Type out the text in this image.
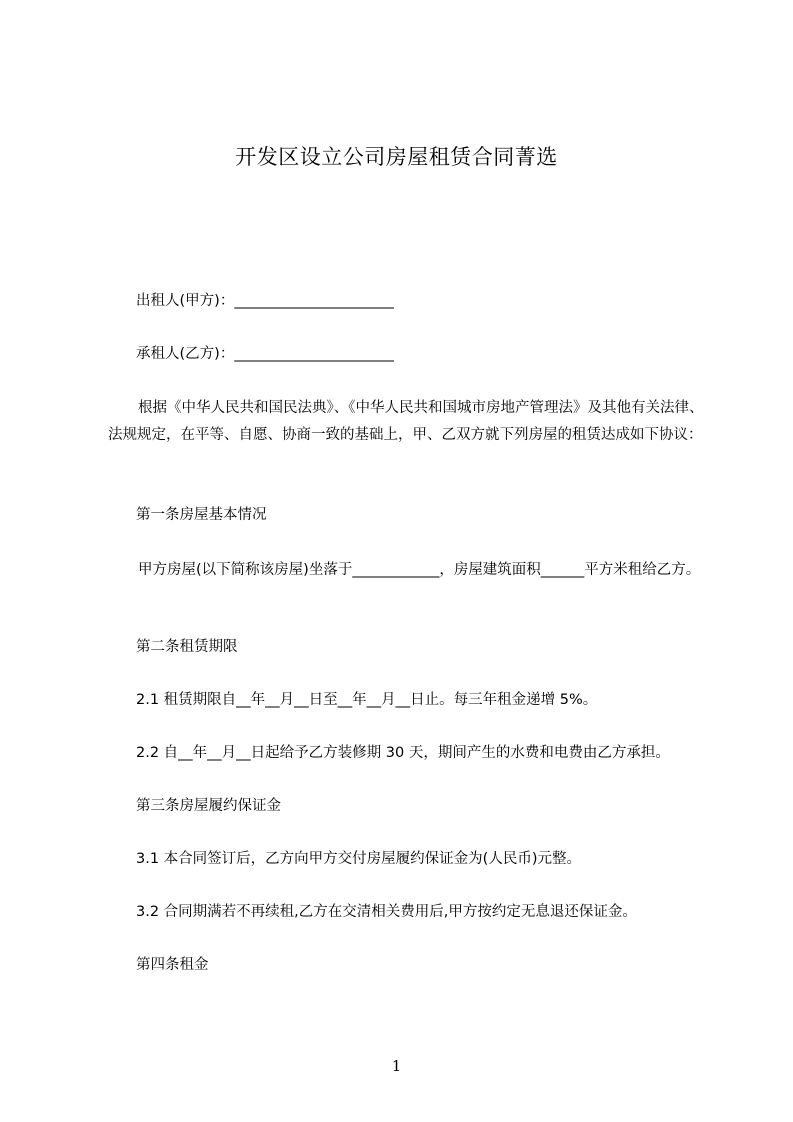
开发区设立公司房屋租赁合同菁选
出租人(甲方)：______________________
承租人(乙方)：______________________
根据《中华人民共和国民法典》、《中华人民共和国城市房地产管理法》及其他有关法律、法规规定，在平等、自愿、协商一致的基础上，甲、乙双方就下列房屋的租赁达成如下协议：
第一条房屋基本情况
甲方房屋(以下简称该房屋)坐落于____________，房屋建筑面积______平方米租给乙方。
第二条租赁期限
2.1 租赁期限自__年__月__日至__年__月__日止。每三年租金递增 5%。
2.2 自__年__月__日起给予乙方装修期 30 天，期间产生的水费和电费由乙方承担。
第三条房屋履约保证金
3.1 本合同签订后，乙方向甲方交付房屋履约保证金为(人民币)元整。
3.2 合同期满若不再续租,乙方在交清相关费用后,甲方按约定无息退还保证金。
第四条租金
1
